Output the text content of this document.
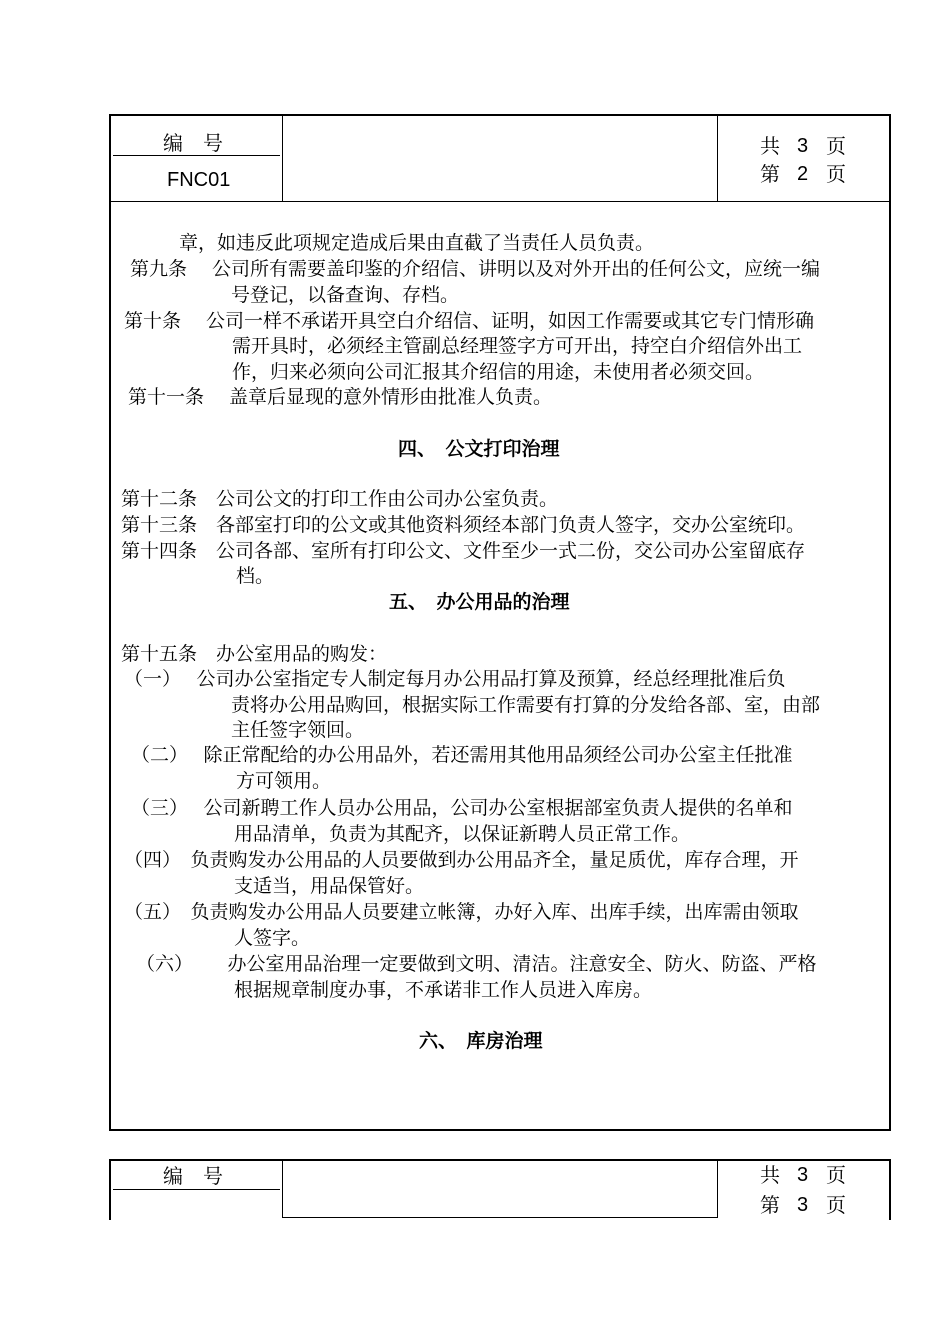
编　号
FNC01
共 3 页
第 2 页
章，如违反此项规定造成后果由直截了当责任人员负责。
第九条　 公司所有需要盖印鉴的介绍信、讲明以及对外开出的任何公文，应统一编
号登记，以备查询、存档。
第十条　 公司一样不承诺开具空白介绍信、证明，如因工作需要或其它专门情形确
需开具时，必须经主管副总经理签字方可开出，持空白介绍信外出工
作，归来必须向公司汇报其介绍信的用途，未使用者必须交回。
第十一条　 盖章后显现的意外情形由批准人负责。
四、　公文打印治理
第十二条　公司公文的打印工作由公司办公室负责。
第十三条　各部室打印的公文或其他资料须经本部门负责人签字，交办公室统印。
第十四条　公司各部、室所有打印公文、文件至少一式二份，交公司办公室留底存
档。
五、　办公用品的治理
第十五条　办公室用品的购发：
（一）　 公司办公室指定专人制定每月办公用品打算及预算，经总经理批准后负
责将办公用品购回，根据实际工作需要有打算的分发给各部、室，由部
主任签字领回。
（二）　 除正常配给的办公用品外，若还需用其他用品须经公司办公室主任批准
方可领用。
（三）　 公司新聘工作人员办公用品，公司办公室根据部室负责人提供的名单和
用品清单，负责为其配齐，以保证新聘人员正常工作。
（四）　负责购发办公用品的人员要做到办公用品齐全，量足质优，库存合理，开
支适当，用品保管好。
（五）　负责购发办公用品人员要建立帐簿，办好入库、出库手续，出库需由领取
人签字。
（六）　　 办公室用品治理一定要做到文明、清洁。注意安全、防火、防盗、严格
根据规章制度办事，不承诺非工作人员进入库房。
六、　库房治理
编　号	共 3 页
第 3 页
